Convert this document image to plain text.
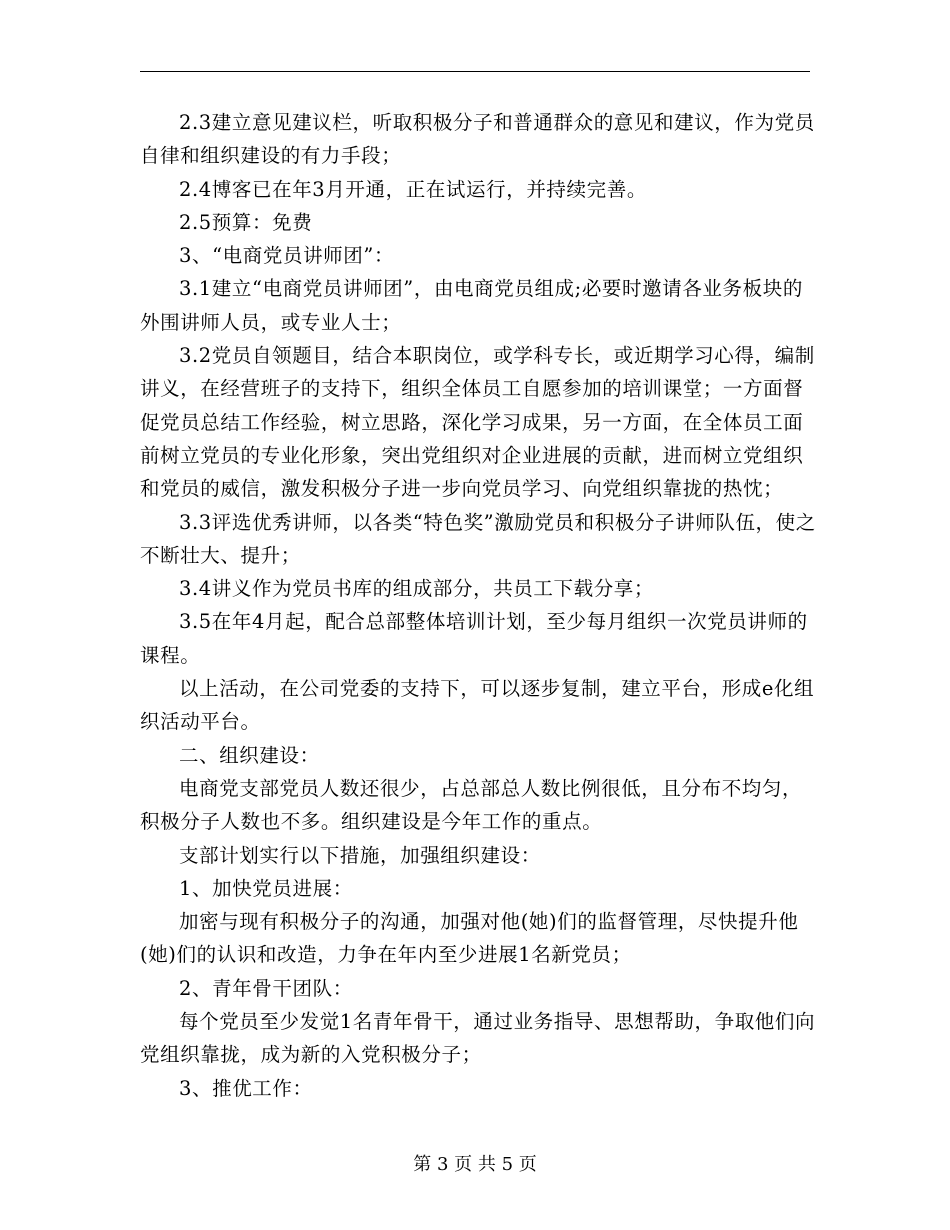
2.3建立意见建议栏，听取积极分子和普通群众的意见和建议，作为党员自律和组织建设的有力手段；

2.4博客已在年3月开通，正在试运行，并持续完善。

2.5预算：免费

3、“电商党员讲师团”：

3.1建立“电商党员讲师团”，由电商党员组成;必要时邀请各业务板块的外围讲师人员，或专业人士；

3.2党员自领题目，结合本职岗位，或学科专长，或近期学习心得，编制讲义，在经营班子的支持下，组织全体员工自愿参加的培训课堂；一方面督促党员总结工作经验，树立思路，深化学习成果，另一方面，在全体员工面前树立党员的专业化形象，突出党组织对企业进展的贡献，进而树立党组织和党员的威信，激发积极分子进一步向党员学习、向党组织靠拢的热忱；

3.3评选优秀讲师，以各类“特色奖”激励党员和积极分子讲师队伍，使之不断壮大、提升；

3.4讲义作为党员书库的组成部分，共员工下载分享；

3.5在年4月起，配合总部整体培训计划，至少每月组织一次党员讲师的课程。

以上活动，在公司党委的支持下，可以逐步复制，建立平台，形成e化组织活动平台。

二、组织建设：

电商党支部党员人数还很少，占总部总人数比例很低，且分布不均匀，积极分子人数也不多。组织建设是今年工作的重点。

支部计划实行以下措施，加强组织建设：

1、加快党员进展：

加密与现有积极分子的沟通，加强对他(她)们的监督管理，尽快提升他(她)们的认识和改造，力争在年内至少进展1名新党员；

2、青年骨干团队：

每个党员至少发觉1名青年骨干，通过业务指导、思想帮助，争取他们向党组织靠拢，成为新的入党积极分子；

3、推优工作：

第 3 页 共 5 页
